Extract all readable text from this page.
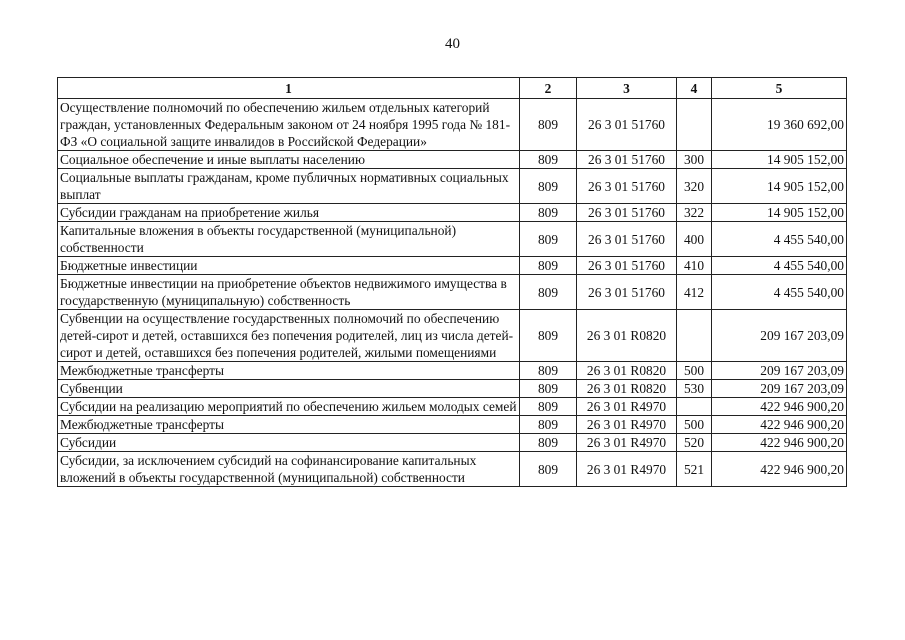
40
1	2	3	4	5
Осуществление полномочий по обеспечению жильем отдельных категорий граждан, установленных Федеральным законом от 24 ноября 1995 года № 181-ФЗ «О социальной защите инвалидов в Российской Федерации»	809	26 3 01 51760		19 360 692,00
Социальное обеспечение и иные выплаты населению	809	26 3 01 51760	300	14 905 152,00
Социальные выплаты гражданам, кроме публичных нормативных социальных выплат	809	26 3 01 51760	320	14 905 152,00
Субсидии гражданам на приобретение жилья	809	26 3 01 51760	322	14 905 152,00
Капитальные вложения в объекты государственной (муниципальной) собственности	809	26 3 01 51760	400	4 455 540,00
Бюджетные инвестиции	809	26 3 01 51760	410	4 455 540,00
Бюджетные инвестиции на приобретение объектов недвижимого имущества в государственную (муниципальную) собственность	809	26 3 01 51760	412	4 455 540,00
Субвенции на осуществление государственных полномочий по обеспечению детей-сирот и детей, оставшихся без попечения родителей, лиц из числа детей-сирот и детей, оставшихся без попечения родителей, жилыми помещениями	809	26 3 01 R0820		209 167 203,09
Межбюджетные трансферты	809	26 3 01 R0820	500	209 167 203,09
Субвенции	809	26 3 01 R0820	530	209 167 203,09
Субсидии на реализацию мероприятий по обеспечению жильем молодых семей	809	26 3 01 R4970		422 946 900,20
Межбюджетные трансферты	809	26 3 01 R4970	500	422 946 900,20
Субсидии	809	26 3 01 R4970	520	422 946 900,20
Субсидии, за исключением субсидий на софинансирование капитальных вложений в объекты государственной (муниципальной) собственности	809	26 3 01 R4970	521	422 946 900,20
